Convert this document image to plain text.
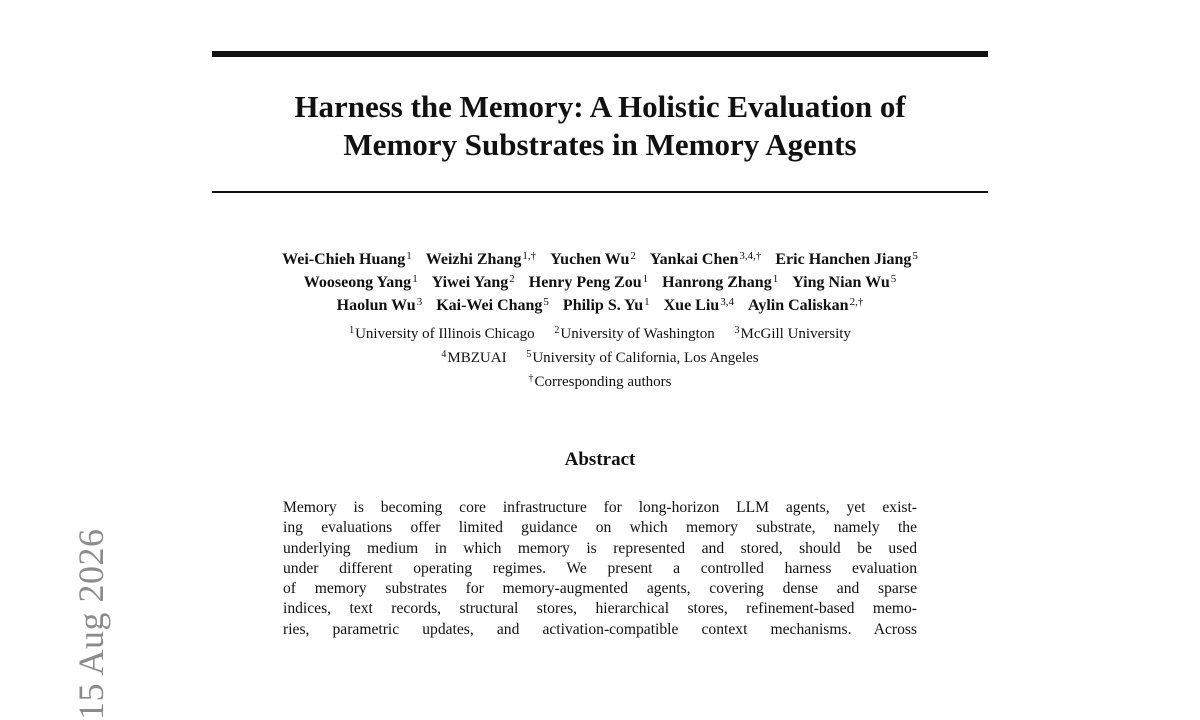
Harness the Memory: A Holistic Evaluation of
Memory Substrates in Memory Agents
Wei-Chieh Huang$^1$ Weizhi Zhang$^{1,\dagger}$ Yuchen Wu$^2$ Yankai Chen$^{3,4,\dagger}$ Eric Hanchen Jiang$^5$
Wooseong Yang$^1$ Yiwei Yang$^2$ Henry Peng Zou$^1$ Hanrong Zhang$^1$ Ying Nian Wu$^5$
Haolun Wu$^3$ Kai-Wei Chang$^5$ Philip S. Yu$^1$ Xue Liu$^{3,4}$ Aylin Caliskan$^{2,\dagger}$
$^1$University of Illinois Chicago $^2$University of Washington $^3$McGill University
$^4$MBZUAI $^5$University of California, Los Angeles
†Corresponding authors
Abstract
Memory is becoming core infrastructure for long-horizon LLM agents, yet exist-
ing evaluations offer limited guidance on which memory substrate, namely the
underlying medium in which memory is represented and stored, should be used
under different operating regimes. We present a controlled harness evaluation
of memory substrates for memory-augmented agents, covering dense and sparse
indices, text records, structural stores, hierarchical stores, refinement-based memo-
ries, parametric updates, and activation-compatible context mechanisms. Across
15 Aug 2026
